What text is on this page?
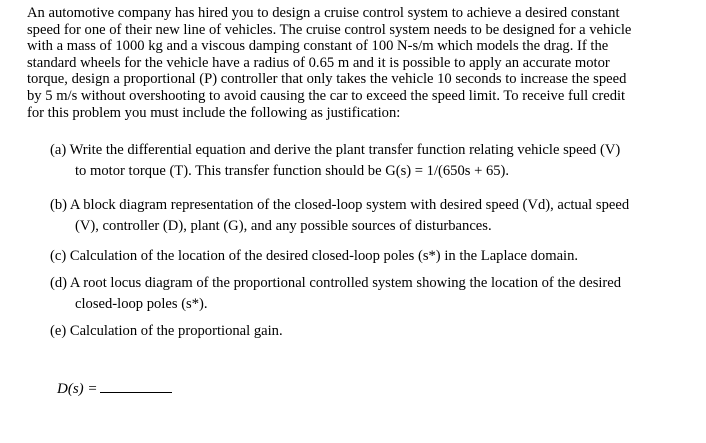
An automotive company has hired you to design a cruise control system to achieve a desired constant
speed for one of their new line of vehicles. The cruise control system needs to be designed for a vehicle
with a mass of 1000 kg and a viscous damping constant of 100 N-s/m which models the drag. If the
standard wheels for the vehicle have a radius of 0.65 m and it is possible to apply an accurate motor
torque, design a proportional (P) controller that only takes the vehicle 10 seconds to increase the speed
by 5 m/s without overshooting to avoid causing the car to exceed the speed limit. To receive full credit
for this problem you must include the following as justification:
(a) Write the differential equation and derive the plant transfer function relating vehicle speed (V)
to motor torque (T). This transfer function should be G(s) = 1/(650s + 65).
(b) A block diagram representation of the closed-loop system with desired speed (Vd), actual speed
(V), controller (D), plant (G), and any possible sources of disturbances.
(c) Calculation of the location of the desired closed-loop poles (s*) in the Laplace domain.
(d) A root locus diagram of the proportional controlled system showing the location of the desired
closed-loop poles (s*).
(e) Calculation of the proportional gain.
D(s) =
